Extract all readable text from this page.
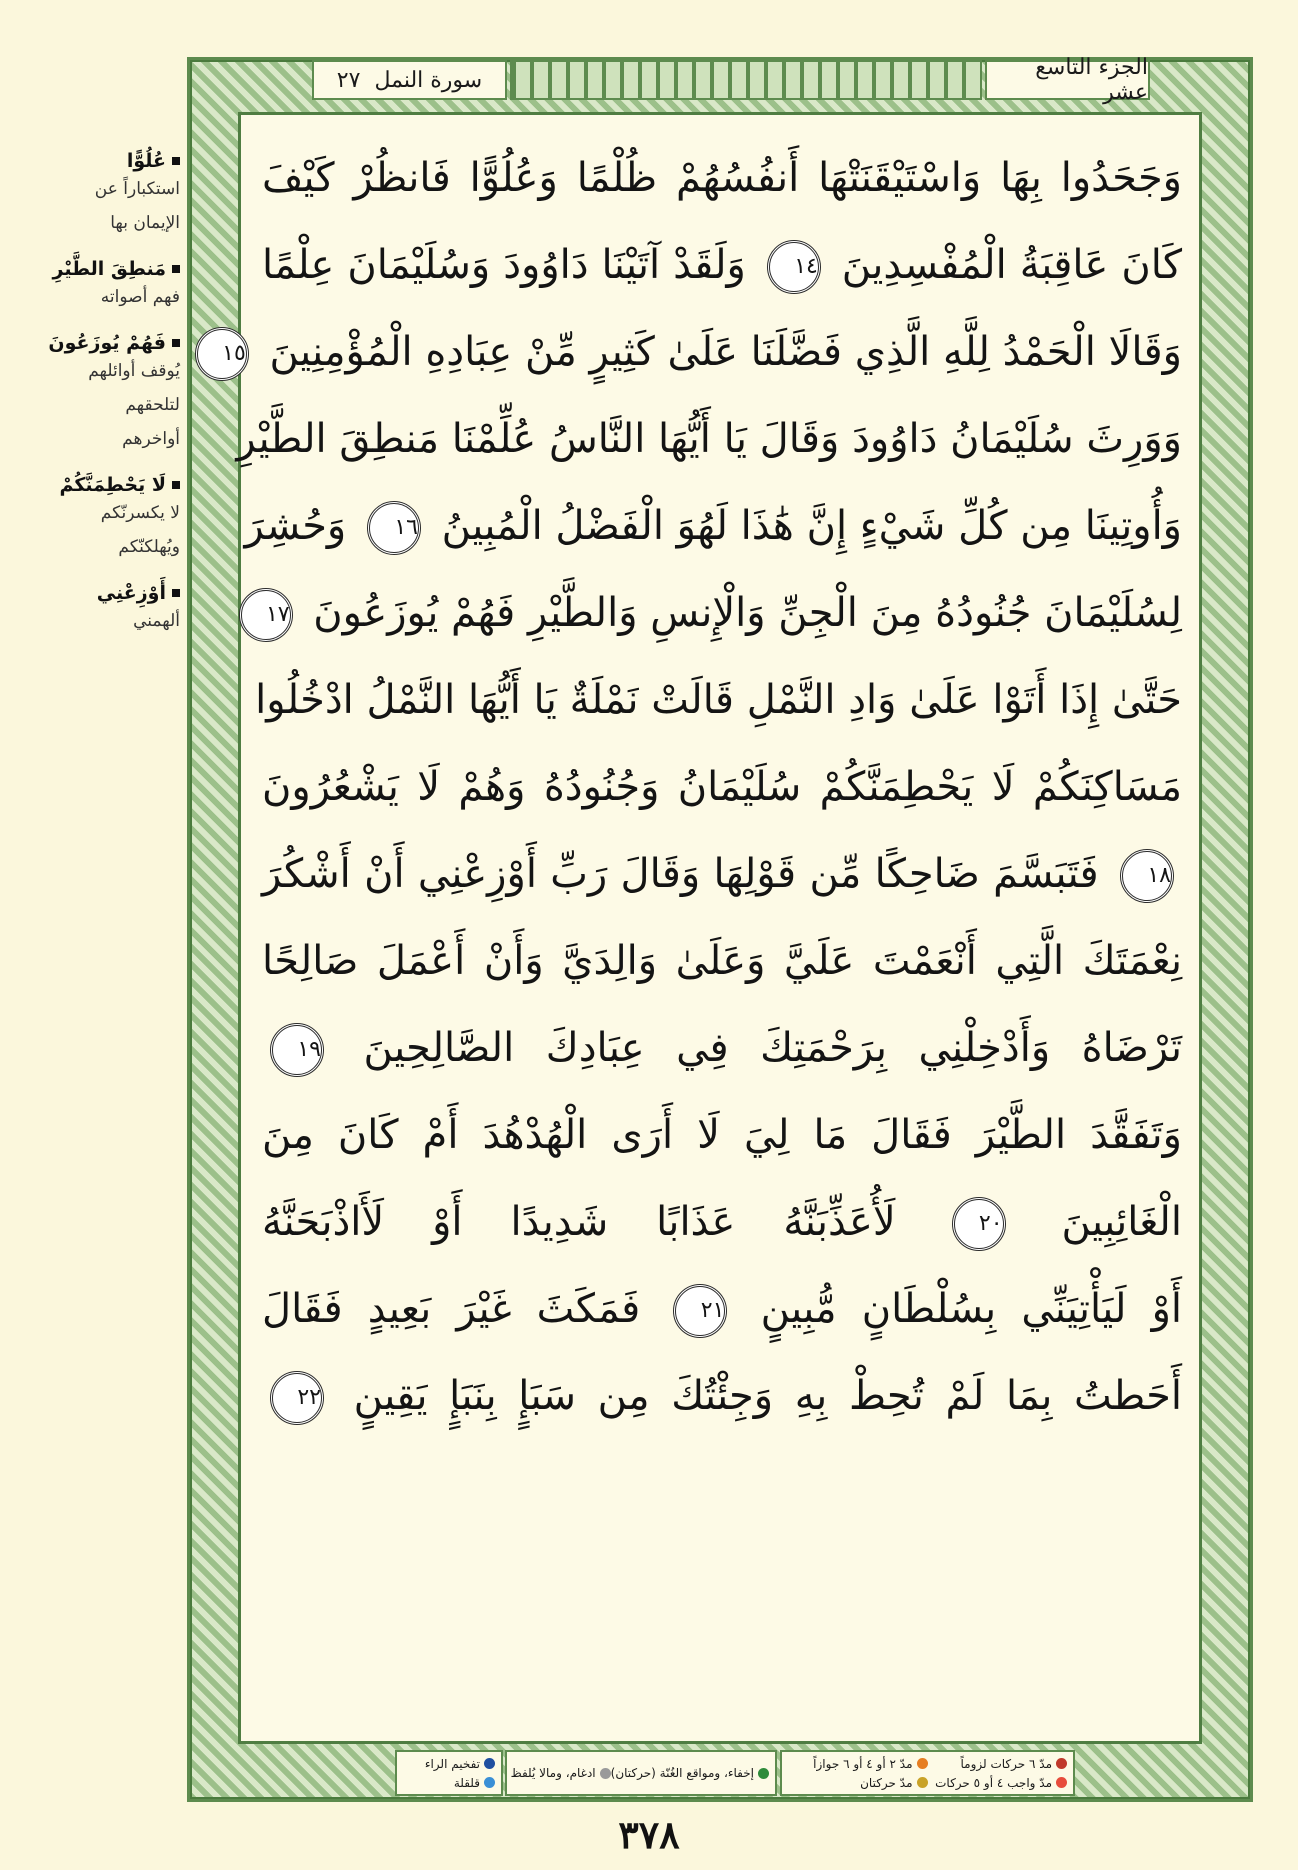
عُلُوًّا
استكباراً عن
الإيمان بها
مَنطِقَ الطَّيْرِ
فهم أصواته
فَهُمْ يُوزَعُونَ
يُوقف أوائلهم
لتلحقهم
أواخرهم
لَا يَحْطِمَنَّكُمْ
لا يكسرنّكم
ويُهلكنّكم
أَوْزِعْنِي
ألهمني
سورة النمل
٢٧	الجزء التاسع عشر
وَجَحَدُوا بِهَا وَاسْتَيْقَنَتْهَا أَنفُسُهُمْ ظُلْمًا وَعُلُوًّا فَانظُرْ كَيْفَ
كَانَ عَاقِبَةُ الْمُفْسِدِينَ ١٤ وَلَقَدْ آتَيْنَا دَاوُودَ وَسُلَيْمَانَ عِلْمًا
وَقَالَا الْحَمْدُ لِلَّهِ الَّذِي فَضَّلَنَا عَلَىٰ كَثِيرٍ مِّنْ عِبَادِهِ الْمُؤْمِنِينَ ١٥
وَوَرِثَ سُلَيْمَانُ دَاوُودَ وَقَالَ يَا أَيُّهَا النَّاسُ عُلِّمْنَا مَنطِقَ الطَّيْرِ
وَأُوتِينَا مِن كُلِّ شَيْءٍ إِنَّ هَٰذَا لَهُوَ الْفَضْلُ الْمُبِينُ ١٦ وَحُشِرَ
لِسُلَيْمَانَ جُنُودُهُ مِنَ الْجِنِّ وَالْإِنسِ وَالطَّيْرِ فَهُمْ يُوزَعُونَ ١٧
حَتَّىٰ إِذَا أَتَوْا عَلَىٰ وَادِ النَّمْلِ قَالَتْ نَمْلَةٌ يَا أَيُّهَا النَّمْلُ ادْخُلُوا
مَسَاكِنَكُمْ لَا يَحْطِمَنَّكُمْ سُلَيْمَانُ وَجُنُودُهُ وَهُمْ لَا يَشْعُرُونَ
١٨ فَتَبَسَّمَ ضَاحِكًا مِّن قَوْلِهَا وَقَالَ رَبِّ أَوْزِعْنِي أَنْ أَشْكُرَ
نِعْمَتَكَ الَّتِي أَنْعَمْتَ عَلَيَّ وَعَلَىٰ وَالِدَيَّ وَأَنْ أَعْمَلَ صَالِحًا
تَرْضَاهُ وَأَدْخِلْنِي بِرَحْمَتِكَ فِي عِبَادِكَ الصَّالِحِينَ ١٩
وَتَفَقَّدَ الطَّيْرَ فَقَالَ مَا لِيَ لَا أَرَى الْهُدْهُدَ أَمْ كَانَ مِنَ
الْغَائِبِينَ ٢٠ لَأُعَذِّبَنَّهُ عَذَابًا شَدِيدًا أَوْ لَأَاذْبَحَنَّهُ
أَوْ لَيَأْتِيَنِّي بِسُلْطَانٍ مُّبِينٍ ٢١ فَمَكَثَ غَيْرَ بَعِيدٍ فَقَالَ
أَحَطتُ بِمَا لَمْ تُحِطْ بِهِ وَجِئْتُكَ مِن سَبَإٍ بِنَبَإٍ يَقِينٍ ٢٢
مدّ ٦ حركات لزوماً
مدّ ٢ أو ٤ أو ٦ جوازاً
مدّ واجب ٤ أو ٥ حركات
مدّ حركتان
إخفاء، ومواقع الغُنّة (حركتان)
ادغام، ومالا يُلفظ
تفخيم الراء
قلقلة
٣٧٨
